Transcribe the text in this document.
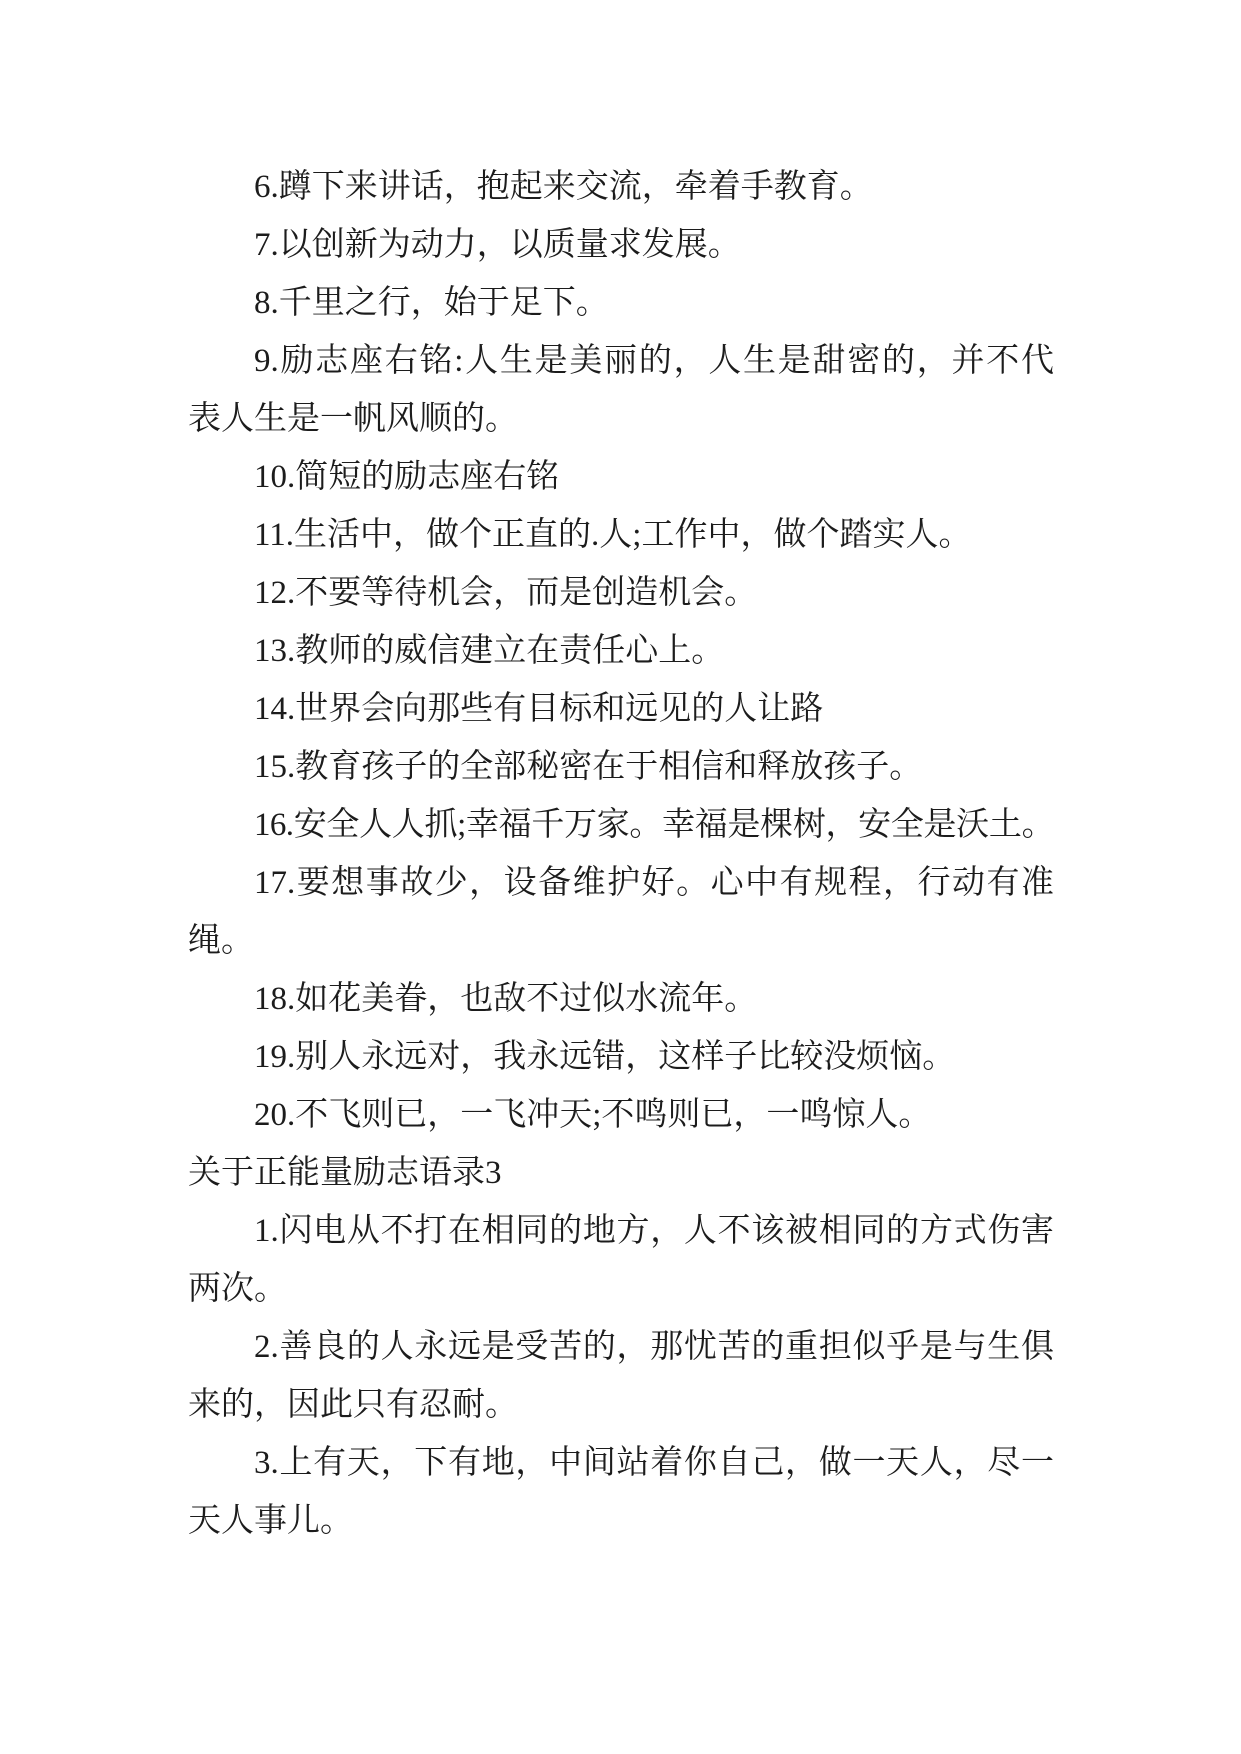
6.蹲下来讲话，抱起来交流，牵着手教育。
7.以创新为动力，以质量求发展。
8.千里之行，始于足下。
9.励志座右铭:人生是美丽的，人生是甜密的，并不代
表人生是一帆风顺的。
10.简短的励志座右铭
11.生活中，做个正直的.人;工作中，做个踏实人。
12.不要等待机会，而是创造机会。
13.教师的威信建立在责任心上。
14.世界会向那些有目标和远见的人让路
15.教育孩子的全部秘密在于相信和释放孩子。
16.安全人人抓;幸福千万家。幸福是棵树，安全是沃土。
17.要想事故少，设备维护好。心中有规程，行动有准
绳。
18.如花美眷，也敌不过似水流年。
19.别人永远对，我永远错，这样子比较没烦恼。
20.不飞则已，一飞冲天;不鸣则已，一鸣惊人。
关于正能量励志语录3
1.闪电从不打在相同的地方，人不该被相同的方式伤害
两次。
2.善良的人永远是受苦的，那忧苦的重担似乎是与生俱
来的，因此只有忍耐。
3.上有天，下有地，中间站着你自己，做一天人，尽一
天人事儿。
